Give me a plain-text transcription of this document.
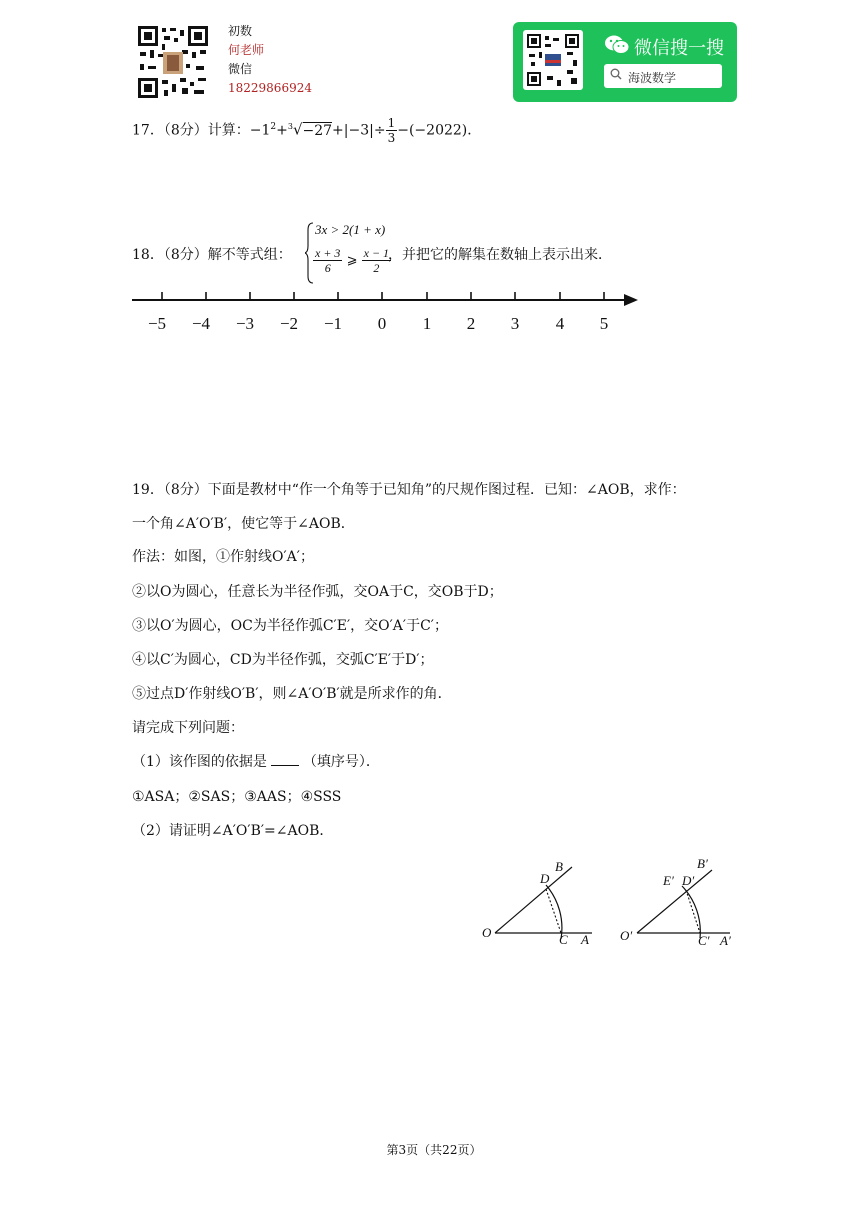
初数
何老师
微信
18229866924
微信搜一搜
海波数学
17．（8分）计算：$-1^2+^3√-27+|-3|\div \frac{1}{3} -(-2022)$．
18．（8分）解不等式组：
3x > 2(1 + x)
$\frac{x + 3}{6}$ ⩾ $\frac{x - 1}{2}$
，并把它的解集在数轴上表示出来．
−5 −4 −3 −2 −1 0 1 2 3 4 5
19．（8分）下面是教材中“作一个角等于已知角”的尺规作图过程．已知：∠AOB，求作：
一个角∠A′O′B′，使它等于∠AOB．
作法：如图，①作射线O′A′；
②以O为圆心，任意长为半径作弧，交OA于C，交OB于D；
③以O′为圆心，OC为半径作弧C′E′，交O′A′于C′；
④以C′为圆心，CD为半径作弧，交弧C′E′于D′；
⑤过点D′作射线O′B′，则∠A′O′B′就是所求作的角．
请完成下列问题：
（1）该作图的依据是	（填序号）．
①ASA；②SAS；③AAS；④SSS
（2）请证明∠A′O′B′=∠AOB．
O	C A
D
B
O′	C′ A′
E′ D′
B′
第3页（共22页）
